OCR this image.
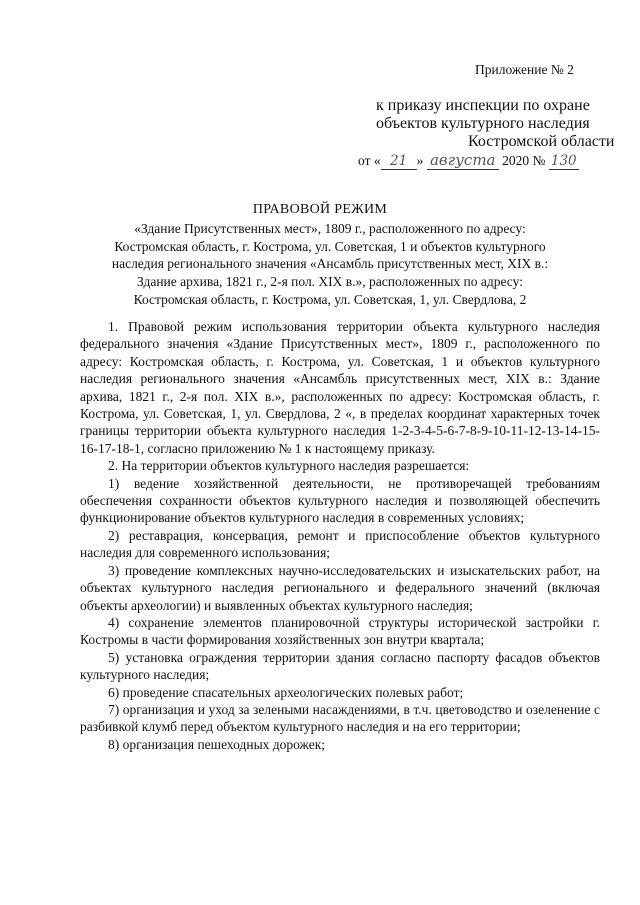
Приложение № 2
к приказу инспекции по охране
объектов культурного наследия
Костромской области
от « 21 » августа 2020 № 130
ПРАВОВОЙ РЕЖИМ
«Здание Присутственных мест», 1809 г., расположенного по адресу:
Костромская область, г. Кострома, ул. Советская, 1 и объектов культурного
наследия регионального значения «Ансамбль присутственных мест, XIX в.:
Здание архива, 1821 г., 2-я пол. XIX в.», расположенных по адресу:
Костромская область, г. Кострома, ул. Советская, 1, ул. Свердлова, 2

1. Правовой режим использования территории объекта культурного наследия федерального значения «Здание Присутственных мест», 1809 г., расположенного по адресу: Костромская область, г. Кострома, ул. Советская, 1 и объектов культурного наследия регионального значения «Ансамбль присутственных мест, XIX в.: Здание архива, 1821 г., 2-я пол. XIX в.», расположенных по адресу: Костромская область, г. Кострома, ул. Советская, 1, ул. Свердлова, 2 «, в пределах координат характерных точек границы территории объекта культурного наследия 1-2-3-4-5-6-7-8-9-10-11-12-13-14-15-16-17-18-1, согласно приложению № 1 к настоящему приказу.

2. На территории объектов культурного наследия разрешается:

1) ведение хозяйственной деятельности, не противоречащей требованиям обеспечения сохранности объектов культурного наследия и позволяющей обеспечить функционирование объектов культурного наследия в современных условиях;

2) реставрация, консервация, ремонт и приспособление объектов культурного наследия для современного использования;

3) проведение комплексных научно-исследовательских и изыскательских работ, на объектах культурного наследия регионального и федерального значений (включая объекты археологии) и выявленных объектах культурного наследия;

4) сохранение элементов планировочной структуры исторической застройки г. Костромы в части формирования хозяйственных зон внутри квартала;

5) установка ограждения территории здания согласно паспорту фасадов объектов культурного наследия;

6) проведение спасательных археологических полевых работ;

7) организация и уход за зелеными насаждениями, в т.ч. цветоводство и озеленение с разбивкой клумб перед объектом культурного наследия и на его территории;

8) организация пешеходных дорожек;
